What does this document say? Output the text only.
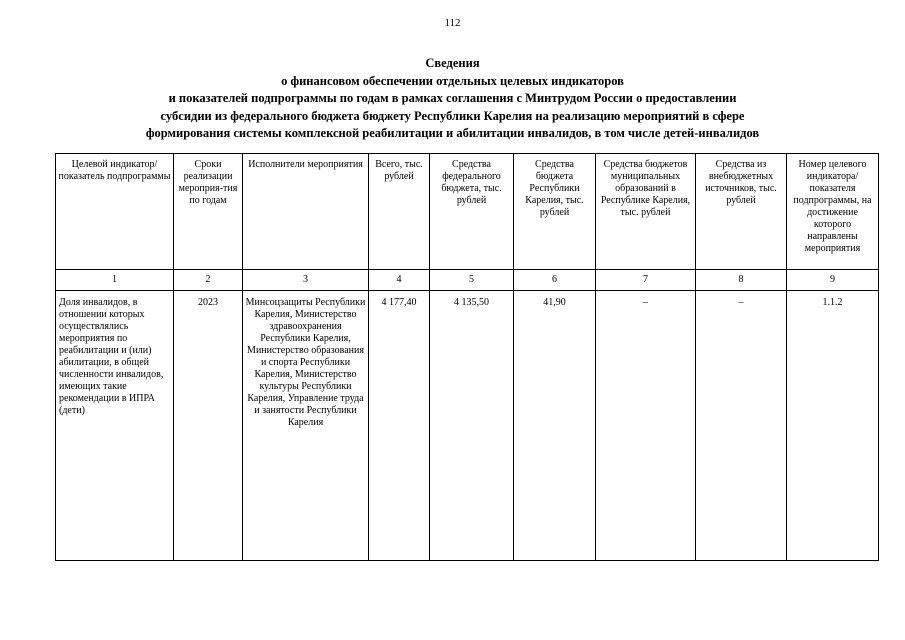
112
Сведения
о финансовом обеспечении отдельных целевых индикаторов
и показателей подпрограммы по годам в рамках соглашения с Минтрудом России о предоставлении
субсидии из федерального бюджета бюджету Республики Карелия на реализацию мероприятий в сфере
формирования системы комплексной реабилитации и абилитации инвалидов, в том числе детей-инвалидов
Целевой индикатор/ показатель подпрограммы	Сроки реализации мероприя-тия по годам	Исполнители мероприятия	Всего, тыс. рублей	Средства федерального бюджета, тыс. рублей	Средства бюджета Республики Карелия, тыс. рублей	Средства бюджетов муниципальных образований в Республике Карелия, тыс. рублей	Средства из внебюджетных источников, тыс. рублей	Номер целевого индикатора/ показателя подпрограммы, на достижение которого направлены мероприятия
1	2	3	4	5	6	7	8	9
Доля инвалидов, в отношении которых осуществлялись мероприятия по реабилитации и (или) абилитации, в общей численности инвалидов, имеющих такие рекомендации в ИПРА (дети)	2023	Минсоцзащиты Республики Карелия, Министерство здравоохранения Республики Карелия, Министерство образования и спорта Республики Карелия, Министерство культуры Республики Карелия, Управление труда и занятости Республики Карелия	4 177,40	4 135,50	41,90	–	–	1.1.2
